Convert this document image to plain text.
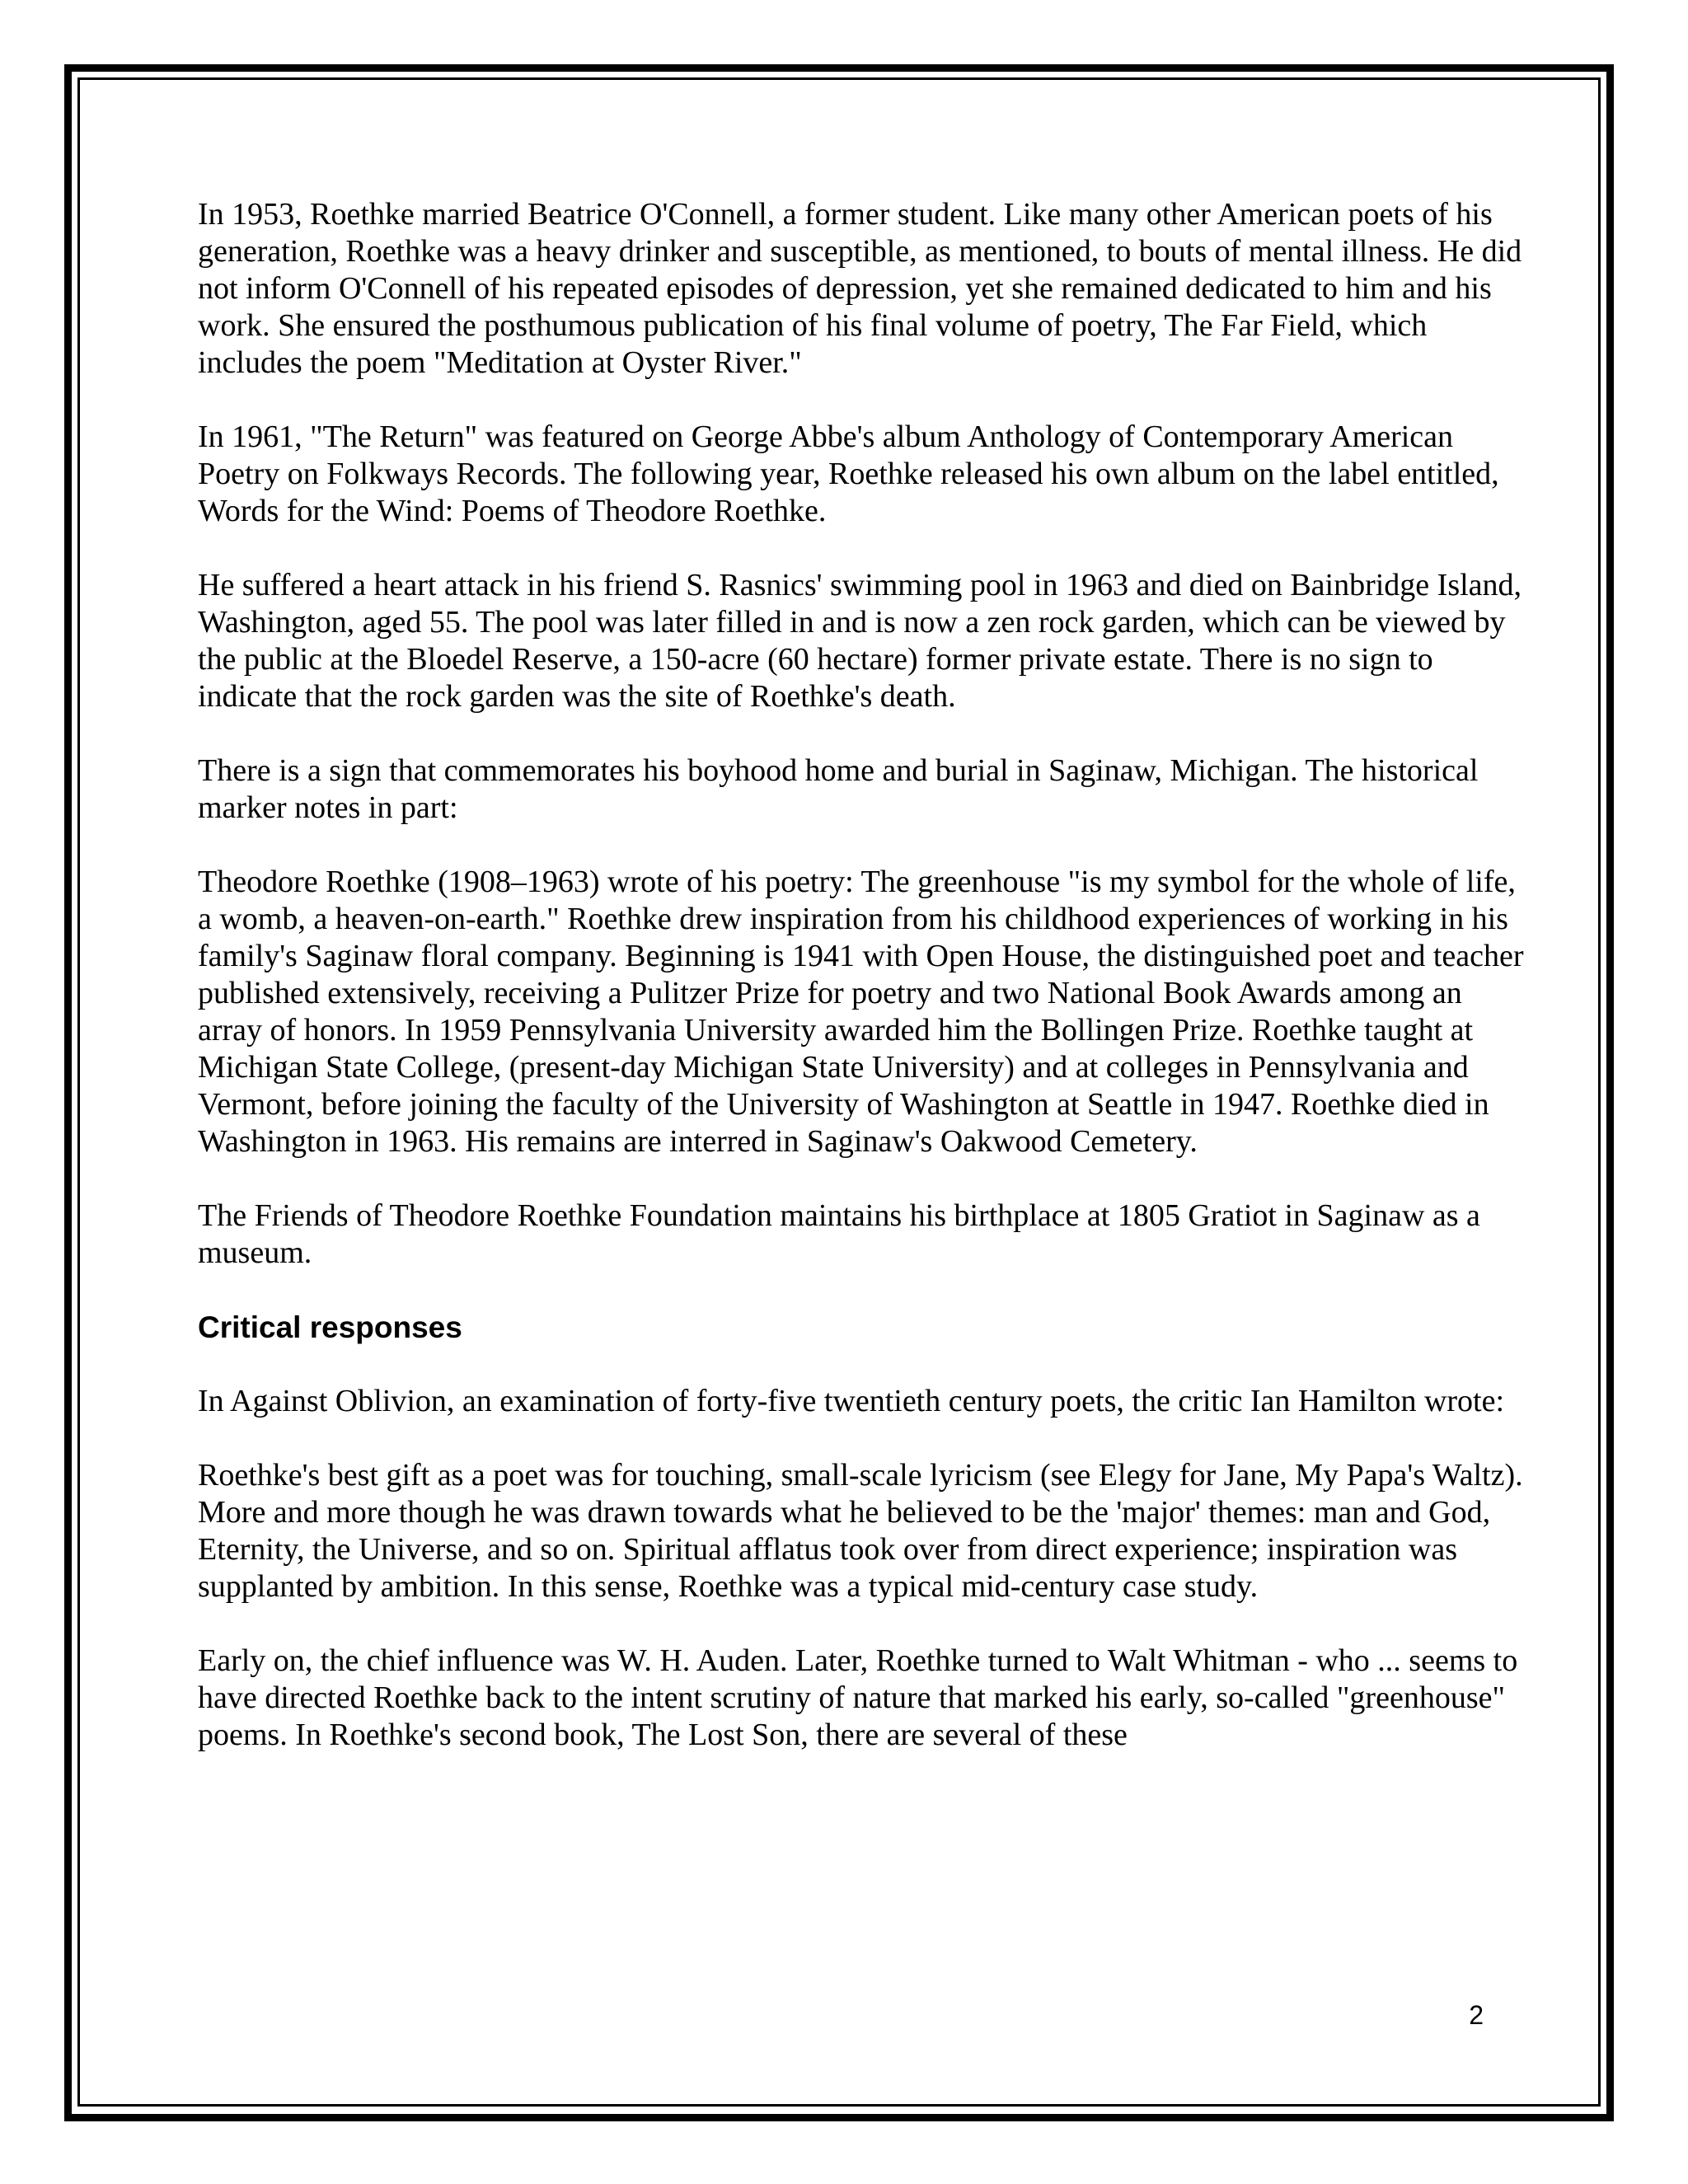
In 1953, Roethke married Beatrice O'Connell, a former student. Like many other American poets of his generation, Roethke was a heavy drinker and susceptible, as mentioned, to bouts of mental illness. He did not inform O'Connell of his repeated episodes of depression, yet she remained dedicated to him and his work. She ensured the posthumous publication of his final volume of poetry, The Far Field, which includes the poem "Meditation at Oyster River."

In 1961, "The Return" was featured on George Abbe's album Anthology of Contemporary American Poetry on Folkways Records. The following year, Roethke released his own album on the label entitled, Words for the Wind: Poems of Theodore Roethke.

He suffered a heart attack in his friend S. Rasnics' swimming pool in 1963 and died on Bainbridge Island, Washington, aged 55. The pool was later filled in and is now a zen rock garden, which can be viewed by the public at the Bloedel Reserve, a 150-acre (60 hectare) former private estate. There is no sign to indicate that the rock garden was the site of Roethke's death.

There is a sign that commemorates his boyhood home and burial in Saginaw, Michigan. The historical marker notes in part:

Theodore Roethke (1908–1963) wrote of his poetry: The greenhouse "is my symbol for the whole of life, a womb, a heaven-on-earth." Roethke drew inspiration from his childhood experiences of working in his family's Saginaw floral company. Beginning is 1941 with Open House, the distinguished poet and teacher published extensively, receiving a Pulitzer Prize for poetry and two National Book Awards among an array of honors. In 1959 Pennsylvania University awarded him the Bollingen Prize. Roethke taught at Michigan State College, (present-day Michigan State University) and at colleges in Pennsylvania and Vermont, before joining the faculty of the University of Washington at Seattle in 1947. Roethke died in Washington in 1963. His remains are interred in Saginaw's Oakwood Cemetery.

The Friends of Theodore Roethke Foundation maintains his birthplace at 1805 Gratiot in Saginaw as a museum.

Critical responses

In Against Oblivion, an examination of forty-five twentieth century poets, the critic Ian Hamilton wrote:

Roethke's best gift as a poet was for touching, small-scale lyricism (see Elegy for Jane, My Papa's Waltz). More and more though he was drawn towards what he believed to be the 'major' themes: man and God, Eternity, the Universe, and so on. Spiritual afflatus took over from direct experience; inspiration was supplanted by ambition. In this sense, Roethke was a typical mid-century case study.

Early on, the chief influence was W. H. Auden. Later, Roethke turned to Walt Whitman - who ... seems to have directed Roethke back to the intent scrutiny of nature that marked his early, so-called "greenhouse" poems. In Roethke's second book, The Lost Son, there are several of these

2
